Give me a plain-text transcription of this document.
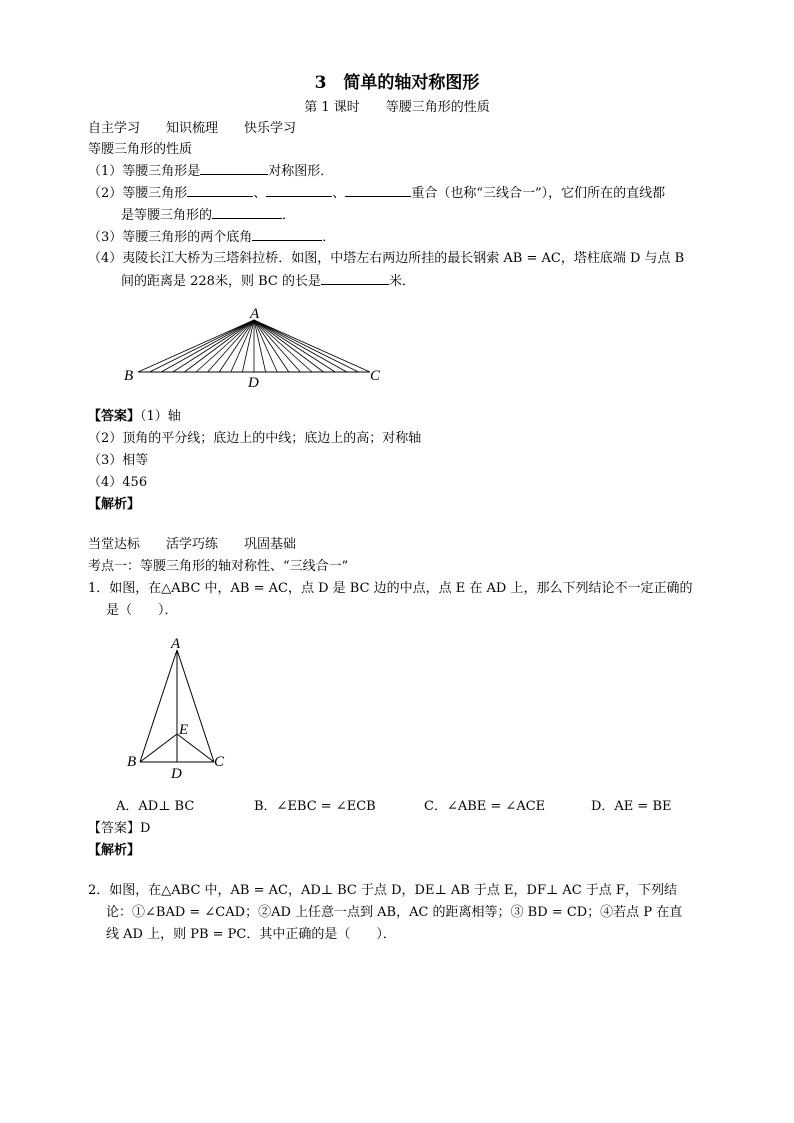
3　简单的轴对称图形
第 1 课时　　等腰三角形的性质
自主学习　　知识梳理　　快乐学习
等腰三角形的性质
（1）等腰三角形是	对称图形．
（2）等腰三角形	、	、	重合（也称“三线合一”），它们所在的直线都
是等腰三角形的	．
（3）等腰三角形的两个底角	．
（4）夷陵长江大桥为三塔斜拉桥．如图，中塔左右两边所挂的最长钢索 AB = AC，塔柱底端 D 与点 B
间的距离是 228米，则 BC 的长是	米．
A
B	C
D
【答案】（1）轴
（2）顶角的平分线；底边上的中线；底边上的高；对称轴
（3）相等
（4）456
【解析】
当堂达标　　活学巧练　　巩固基础
考点一：等腰三角形的轴对称性、“三线合一”
1．如图，在△ABC 中，AB = AC，点 D 是 BC 边的中点，点 E 在 AD 上，那么下列结论不一定正确的
是（　　）．
A
B	C
D
E
A．AD⊥ BC	B．∠EBC = ∠ECB	C．∠ABE = ∠ACE	D．AE = BE
【答案】D
【解析】
2．如图，在△ABC 中，AB = AC，AD⊥ BC 于点 D，DE⊥ AB 于点 E，DF⊥ AC 于点 F，下列结
论：①∠BAD = ∠CAD；②AD 上任意一点到 AB，AC 的距离相等；③ BD = CD；④若点 P 在直
线 AD 上，则 PB = PC．其中正确的是（　　）．
